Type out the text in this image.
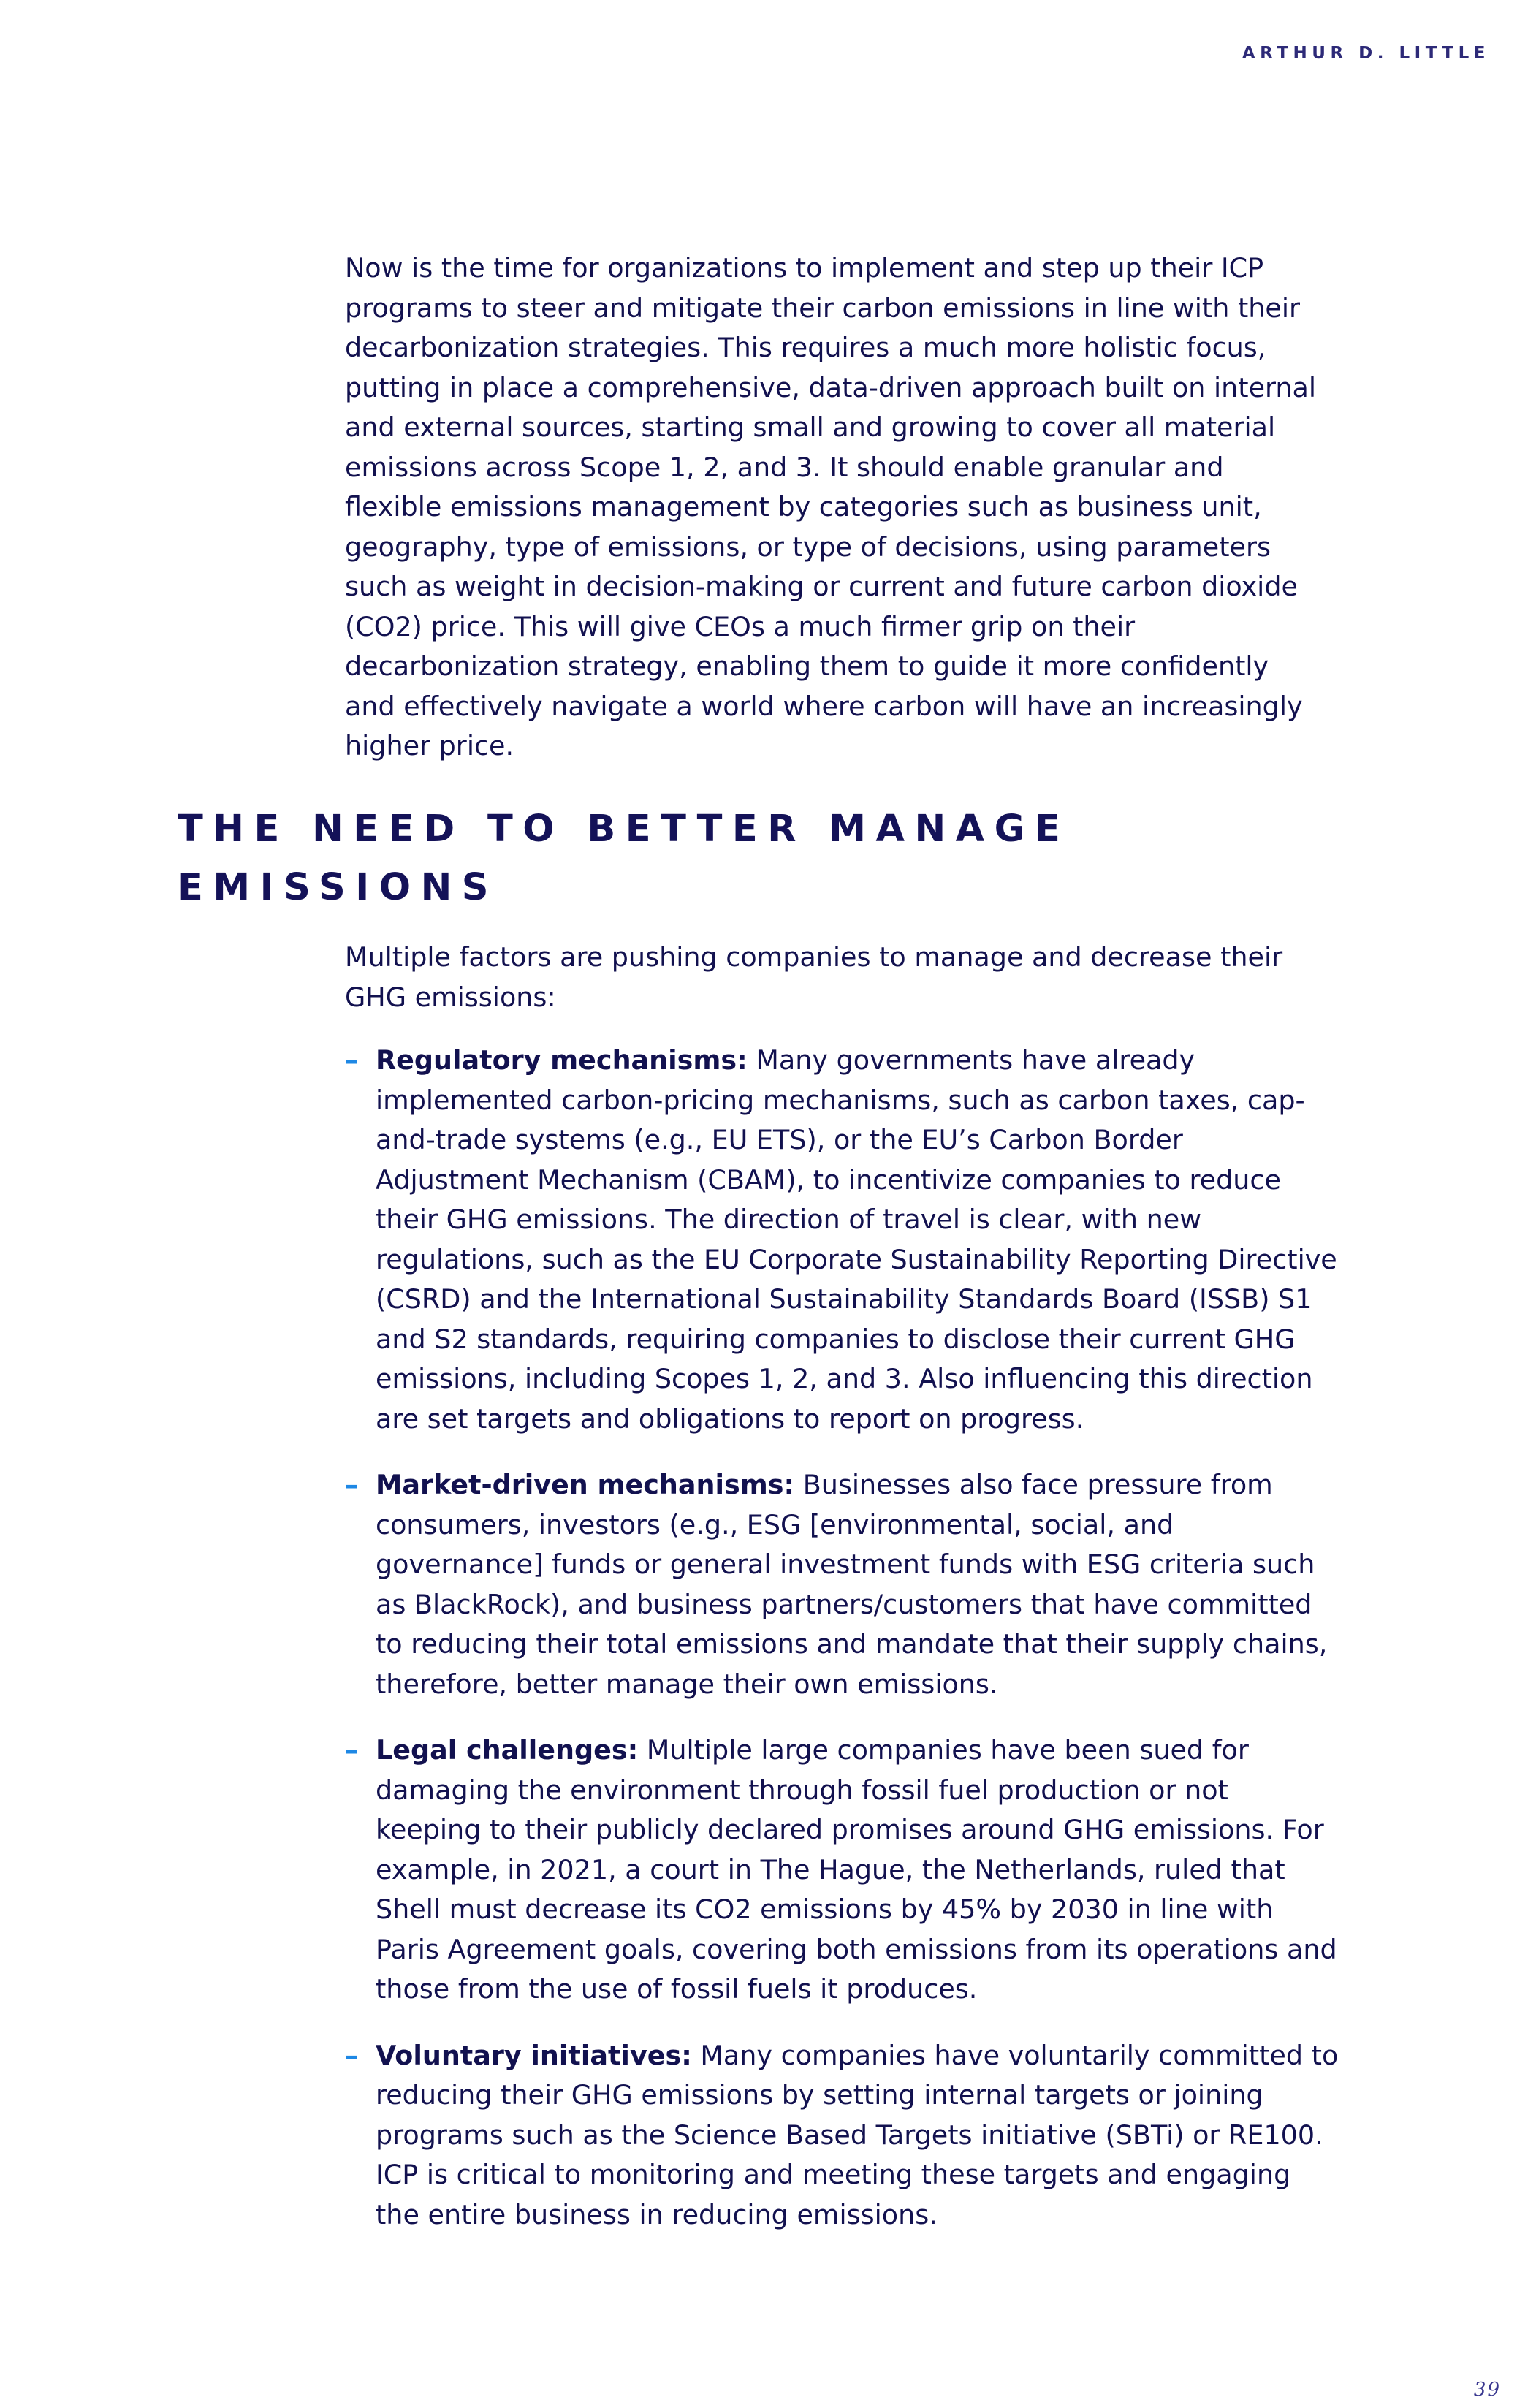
ARTHUR D. LITTLE

Now is the time for organizations to implement and step up their ICP programs to steer and mitigate their carbon emissions in line with their decarbonization strategies. This requires a much more holistic focus, putting in place a comprehensive, data-driven approach built on internal and external sources, starting small and growing to cover all material emissions across Scope 1, 2, and 3. It should enable granular and flexible emissions management by categories such as business unit, geography, type of emissions, or type of decisions, using parameters such as weight in decision-making or current and future carbon dioxide (CO2) price. This will give CEOs a much firmer grip on their decarbonization strategy, enabling them to guide it more confidently and effectively navigate a world where carbon will have an increasingly higher price.

THE NEED TO BETTER MANAGE EMISSIONS

Multiple factors are pushing companies to manage and decrease their GHG emissions:

– Regulatory mechanisms: Many governments have already implemented carbon-pricing mechanisms, such as carbon taxes, cap-and-trade systems (e.g., EU ETS), or the EU’s Carbon Border Adjustment Mechanism (CBAM), to incentivize companies to reduce their GHG emissions. The direction of travel is clear, with new regulations, such as the EU Corporate Sustainability Reporting Directive (CSRD) and the International Sustainability Standards Board (ISSB) S1 and S2 standards, requiring companies to disclose their current GHG emissions, including Scopes 1, 2, and 3. Also influencing this direction are set targets and obligations to report on progress.
– Market-driven mechanisms: Businesses also face pressure from consumers, investors (e.g., ESG [environmental, social, and governance] funds or general investment funds with ESG criteria such as BlackRock), and business partners/customers that have committed to reducing their total emissions and mandate that their supply chains, therefore, better manage their own emissions.
– Legal challenges: Multiple large companies have been sued for damaging the environment through fossil fuel production or not keeping to their publicly declared promises around GHG emissions. For example, in 2021, a court in The Hague, the Netherlands, ruled that Shell must decrease its CO2 emissions by 45% by 2030 in line with Paris Agreement goals, covering both emissions from its operations and those from the use of fossil fuels it produces.
– Voluntary initiatives: Many companies have voluntarily committed to reducing their GHG emissions by setting internal targets or joining programs such as the Science Based Targets initiative (SBTi) or RE100. ICP is critical to monitoring and meeting these targets and engaging the entire business in reducing emissions.
39
